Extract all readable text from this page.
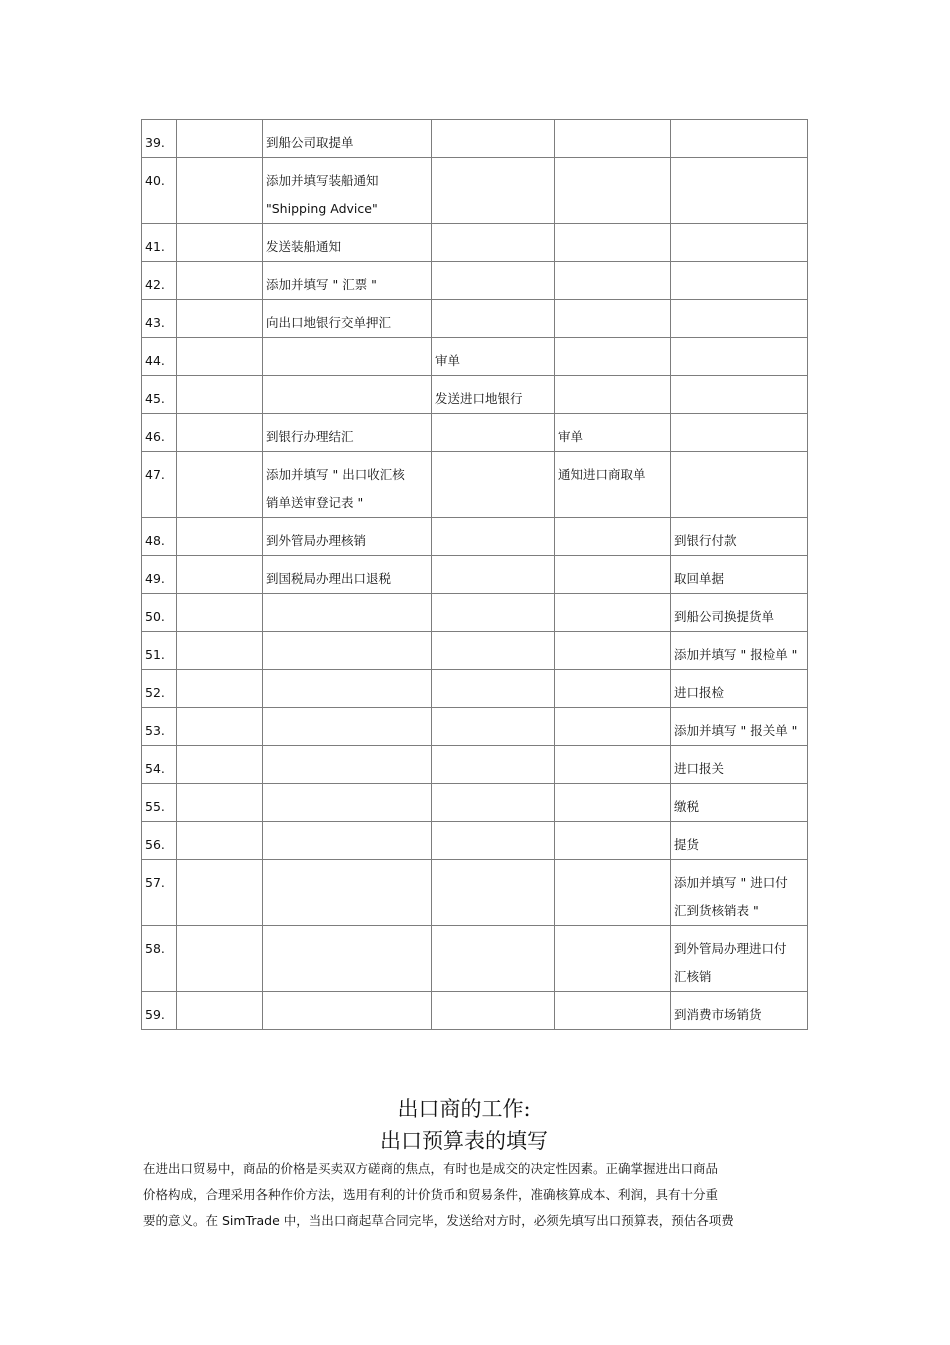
39.		到船公司取提单			
40.		添加并填写装船通知
"Shipping Advice"			
41.		发送装船通知			
42.		添加并填写 " 汇票 "			
43.		向出口地银行交单押汇			
44.			审单		
45.			发送进口地银行		
46.		到银行办理结汇		审单	
47.		添加并填写 " 出口收汇核
销单送审登记表 "		通知进口商取单	
48.		到外管局办理核销			到银行付款
49.		到国税局办理出口退税			取回单据
50.					到船公司换提货单
51.					添加并填写 " 报检单 "
52.					进口报检
53.					添加并填写 " 报关单 "
54.					进口报关
55.					缴税
56.					提货
57.					添加并填写 " 进口付
汇到货核销表 "
58.					到外管局办理进口付
汇核销
59.					到消费市场销货
出口商的工作:
出口预算表的填写
在进出口贸易中，商品的价格是买卖双方磋商的焦点，有时也是成交的决定性因素。正确掌握进出口商品
价格构成，合理采用各种作价方法，选用有利的计价货币和贸易条件，准确核算成本、利润，具有十分重
要的意义。在 SimTrade 中，当出口商起草合同完毕，发送给对方时，必须先填写出口预算表，预估各项费
